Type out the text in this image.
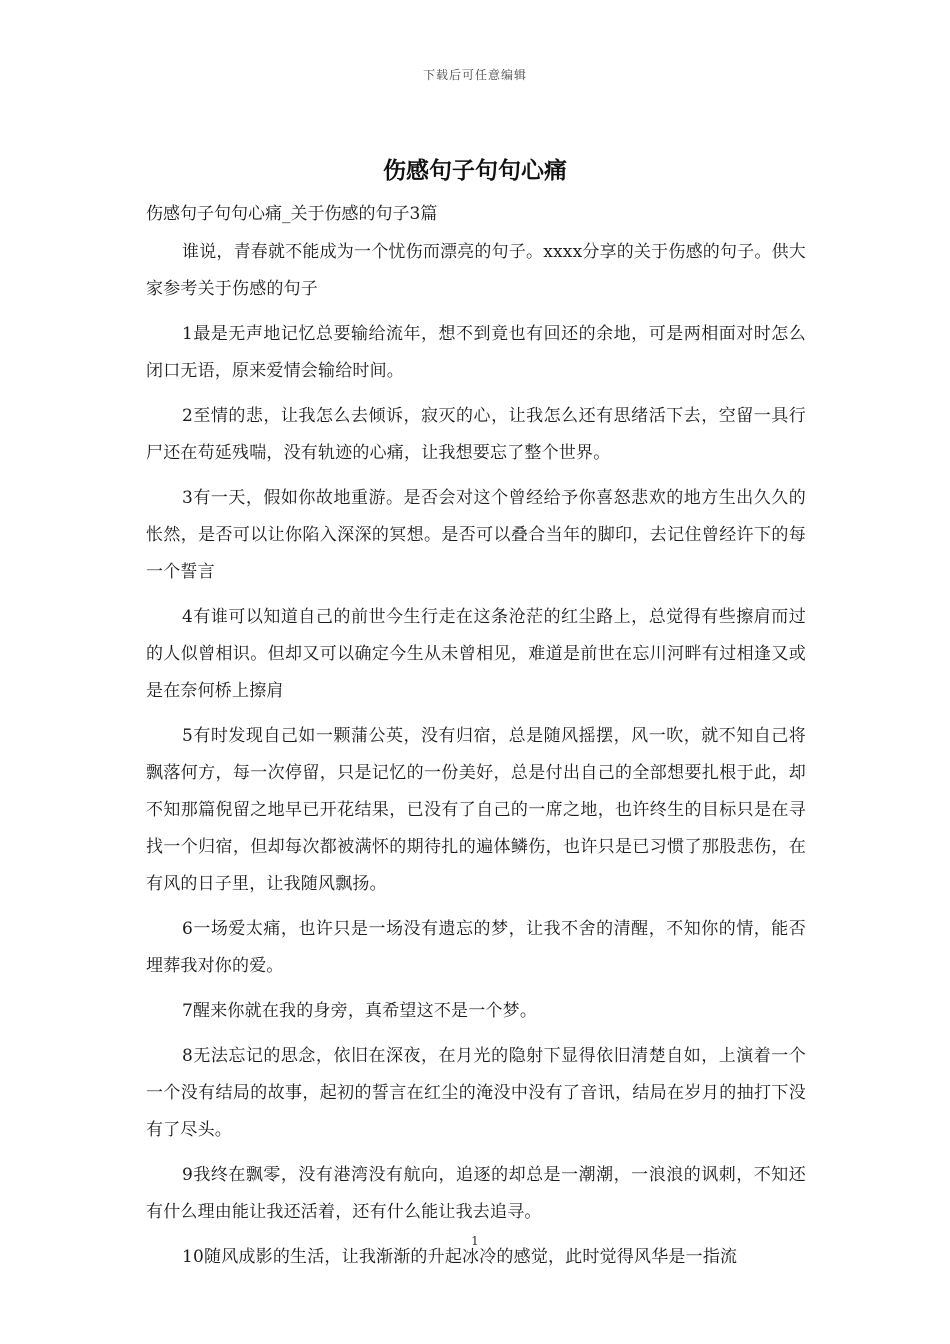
下载后可任意编辑
伤感句子句句心痛

伤感句子句句心痛_关于伤感的句子3篇

谁说，青春就不能成为一个忧伤而漂亮的句子。xxxx分享的关于伤感的句子。供大家参考关于伤感的句子

1最是无声地记忆总要输给流年，想不到竟也有回还的余地，可是两相面对时怎么闭口无语，原来爱情会输给时间。

2至情的悲，让我怎么去倾诉，寂灭的心，让我怎么还有思绪活下去，空留一具行尸还在苟延残喘，没有轨迹的心痛，让我想要忘了整个世界。

3有一天，假如你故地重游。是否会对这个曾经给予你喜怒悲欢的地方生出久久的怅然，是否可以让你陷入深深的冥想。是否可以叠合当年的脚印，去记住曾经许下的每一个誓言

4有谁可以知道自己的前世今生行走在这条沧茫的红尘路上，总觉得有些擦肩而过的人似曾相识。但却又可以确定今生从未曾相见，难道是前世在忘川河畔有过相逢又或是在奈何桥上擦肩

5有时发现自己如一颗蒲公英，没有归宿，总是随风摇摆，风一吹，就不知自己将飘落何方，每一次停留，只是记忆的一份美好，总是付出自己的全部想要扎根于此，却不知那篇倪留之地早已开花结果，已没有了自己的一席之地，也许终生的目标只是在寻找一个归宿，但却每次都被满怀的期待扎的遍体鳞伤，也许只是已习惯了那股悲伤，在有风的日子里，让我随风飘扬。

6一场爱太痛，也许只是一场没有遗忘的梦，让我不舍的清醒，不知你的情，能否埋葬我对你的爱。

7醒来你就在我的身旁，真希望这不是一个梦。

8无法忘记的思念，依旧在深夜，在月光的隐射下显得依旧清楚自如，上演着一个一个没有结局的故事，起初的誓言在红尘的淹没中没有了音讯，结局在岁月的抽打下没有了尽头。

9我终在飘零，没有港湾没有航向，追逐的却总是一潮潮，一浪浪的讽刺，不知还有什么理由能让我还活着，还有什么能让我去追寻。

10随风成影的生活，让我渐渐的升起冰冷的感觉，此时觉得风华是一指流

1
